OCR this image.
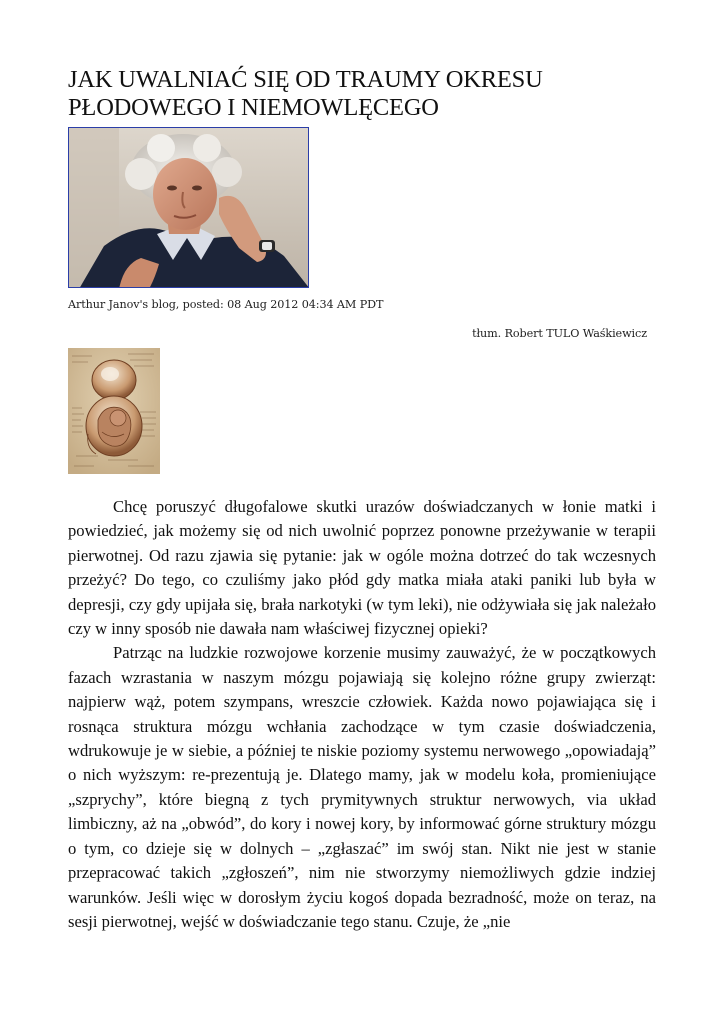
JAK UWALNIAĆ SIĘ OD TRAUMY OKRESU
PŁODOWEGO I NIEMOWLĘCEGO
Arthur Janov's blog, posted: 08 Aug 2012 04:34 AM PDT
tłum. Robert TULO Waśkiewicz

Chcę poruszyć długofalowe skutki urazów doświadczanych w łonie matki i powiedzieć, jak możemy się od nich uwolnić poprzez ponowne przeżywanie w terapii pierwotnej. Od razu zjawia się pytanie: jak w ogóle można dotrzeć do tak wczesnych przeżyć? Do tego, co czuliśmy jako płód gdy matka miała ataki paniki lub była w depresji, czy gdy upijała się, brała narkotyki (w tym leki), nie odżywiała się jak należało czy w inny sposób nie dawała nam właściwej fizycznej opieki?

Patrząc na ludzkie rozwojowe korzenie musimy zauważyć, że w początkowych fazach wzrastania w naszym mózgu pojawiają się kolejno różne grupy zwierząt: najpierw wąż, potem szympans, wreszcie człowiek. Każda nowo pojawiająca się i rosnąca struktura mózgu wchłania zachodzące w tym czasie doświadczenia, wdrukowuje je w siebie, a później te niskie poziomy systemu nerwowego „opowiadają” o nich wyższym: re-prezentują je. Dlatego mamy, jak w modelu koła, promieniujące „szprychy”, które biegną z tych prymitywnych struktur nerwowych, via układ limbiczny, aż na „obwód”, do kory i nowej kory, by informować górne struktury mózgu o tym, co dzieje się w dolnych – „zgłaszać” im swój stan. Nikt nie jest w stanie przepracować takich „zgłoszeń”, nim nie stworzymy niemożliwych gdzie indziej warunków. Jeśli więc w dorosłym życiu kogoś dopada bezradność, może on teraz, na sesji pierwotnej, wejść w doświadczanie tego stanu. Czuje, że „nie
